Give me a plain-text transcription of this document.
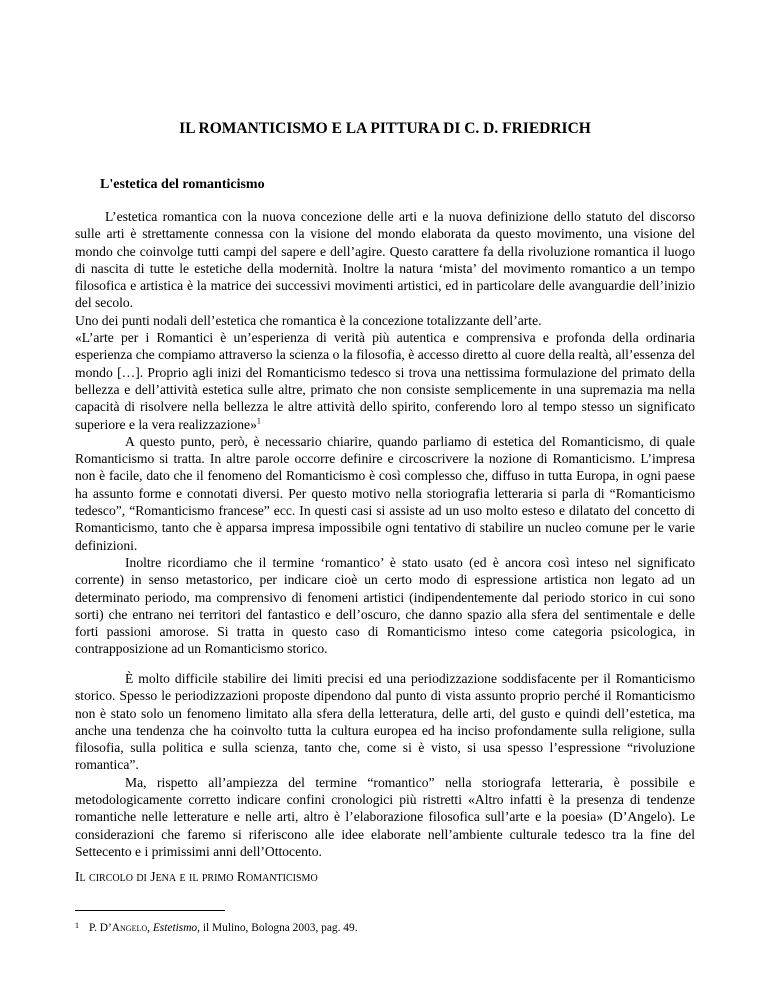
IL ROMANTICISMO E LA PITTURA DI C. D. FRIEDRICH
L'estetica del romanticismo

L’estetica romantica con la nuova concezione delle arti e la nuova definizione dello statuto del discorso sulle arti è strettamente connessa con la visione del mondo elaborata da questo movimento, una visione del mondo che coinvolge tutti campi del sapere e dell’agire. Questo carattere fa della rivoluzione romantica il luogo di nascita di tutte le estetiche della modernità. Inoltre la natura ‘mista’ del movimento romantico a un tempo filosofica e artistica è la matrice dei successivi movimenti artistici, ed in particolare delle avanguardie dell’inizio del secolo.

Uno dei punti nodali dell’estetica che romantica è la concezione totalizzante dell’arte.

«L’arte per i Romantici è un’esperienza di verità più autentica e comprensiva e profonda della ordinaria esperienza che compiamo attraverso la scienza o la filosofia, è accesso diretto al cuore della realtà, all’essenza del mondo […]. Proprio agli inizi del Romanticismo tedesco si trova una nettissima formulazione del primato della bellezza e dell’attività estetica sulle altre, primato che non consiste semplicemente in una supremazia ma nella capacità di risolvere nella bellezza le altre attività dello spirito, conferendo loro al tempo stesso un significato superiore e la vera realizzazione»$^1$

A questo punto, però, è necessario chiarire, quando parliamo di estetica del Romanticismo, di quale Romanticismo si tratta. In altre parole occorre definire e circoscrivere la nozione di Romanticismo. L’impresa non è facile, dato che il fenomeno del Romanticismo è così complesso che, diffuso in tutta Europa, in ogni paese ha assunto forme e connotati diversi. Per questo motivo nella storiografia letteraria si parla di “Romanticismo tedesco”, “Romanticismo francese” ecc. In questi casi si assiste ad un uso molto esteso e dilatato del concetto di Romanticismo, tanto che è apparsa impresa impossibile ogni tentativo di stabilire un nucleo comune per le varie definizioni.

Inoltre ricordiamo che il termine ‘romantico’ è stato usato (ed è ancora così inteso nel significato corrente) in senso metastorico, per indicare cioè un certo modo di espressione artistica non legato ad un determinato periodo, ma comprensivo di fenomeni artistici (indipendentemente dal periodo storico in cui sono sorti) che entrano nei territori del fantastico e dell’oscuro, che danno spazio alla sfera del sentimentale e delle forti passioni amorose. Si tratta in questo caso di Romanticismo inteso come categoria psicologica, in contrapposizione ad un Romanticismo storico.

È molto difficile stabilire dei limiti precisi ed una periodizzazione soddisfacente per il Romanticismo storico. Spesso le periodizzazioni proposte dipendono dal punto di vista assunto proprio perché il Romanticismo non è stato solo un fenomeno limitato alla sfera della letteratura, delle arti, del gusto e quindi dell’estetica, ma anche una tendenza che ha coinvolto tutta la cultura europea ed ha inciso profondamente sulla religione, sulla filosofia, sulla politica e sulla scienza, tanto che, come si è visto, si usa spesso l’espressione “rivoluzione romantica”.

Ma, rispetto all’ampiezza del termine “romantico” nella storiografa letteraria, è possibile e metodologicamente corretto indicare confini cronologici più ristretti «Altro infatti è la presenza di tendenze romantiche nelle letterature e nelle arti, altro è l’elaborazione filosofica sull’arte e la poesia» (D’Angelo). Le considerazioni che faremo si riferiscono alle idee elaborate nell’ambiente culturale tedesco tra la fine del Settecento e i primissimi anni dell’Ottocento.

Il circolo di Jena e il primo Romanticismo
1 P. D’Angelo, Estetismo, il Mulino, Bologna 2003, pag. 49.
